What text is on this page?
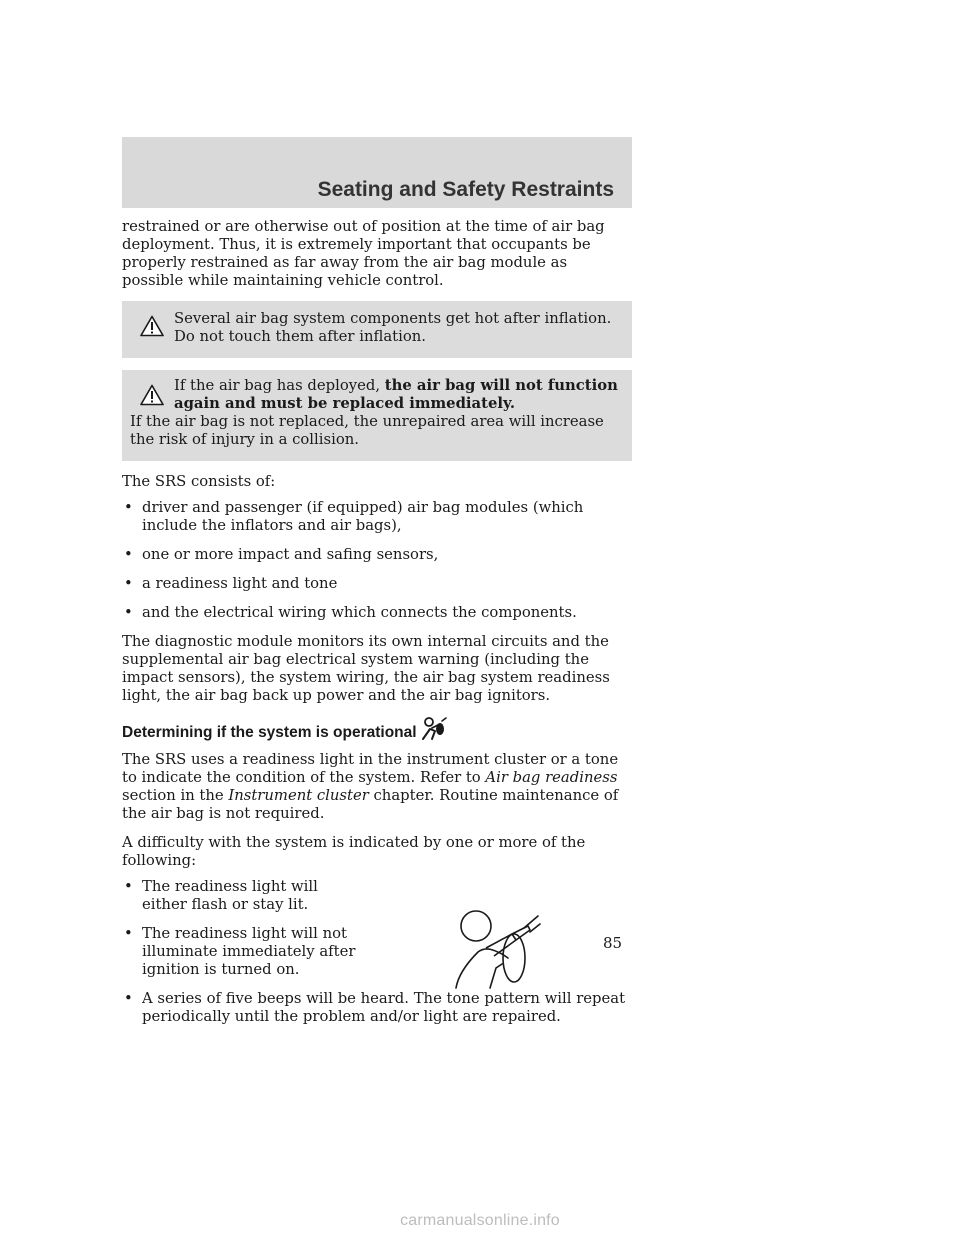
Seating and Safety Restraints

restrained or are otherwise out of position at the time of air bag deployment. Thus, it is extremely important that occupants be properly restrained as far away from the air bag module as possible while maintaining vehicle control.

Several air bag system components get hot after inflation. Do not touch them after inflation.

If the air bag has deployed, the air bag will not function again and must be replaced immediately.

If the air bag is not replaced, the unrepaired area will increase the risk of injury in a collision.

The SRS consists of:

• driver and passenger (if equipped) air bag modules (which include the inflators and air bags),
• one or more impact and safing sensors,
• a readiness light and tone
• and the electrical wiring which connects the components.

The diagnostic module monitors its own internal circuits and the supplemental air bag electrical system warning (including the impact sensors), the system wiring, the air bag system readiness light, the air bag back up power and the air bag ignitors.

Determining if the system is operational

The SRS uses a readiness light in the instrument cluster or a tone to indicate the condition of the system. Refer to Air bag readiness section in the Instrument cluster chapter. Routine maintenance of the air bag is not required.

A difficulty with the system is indicated by one or more of the following:

• The readiness light will either flash or stay lit.
• The readiness light will not illuminate immediately after ignition is turned on.
• A series of five beeps will be heard. The tone pattern will repeat periodically until the problem and/or light are repaired.
85
carmanualsonline.info
